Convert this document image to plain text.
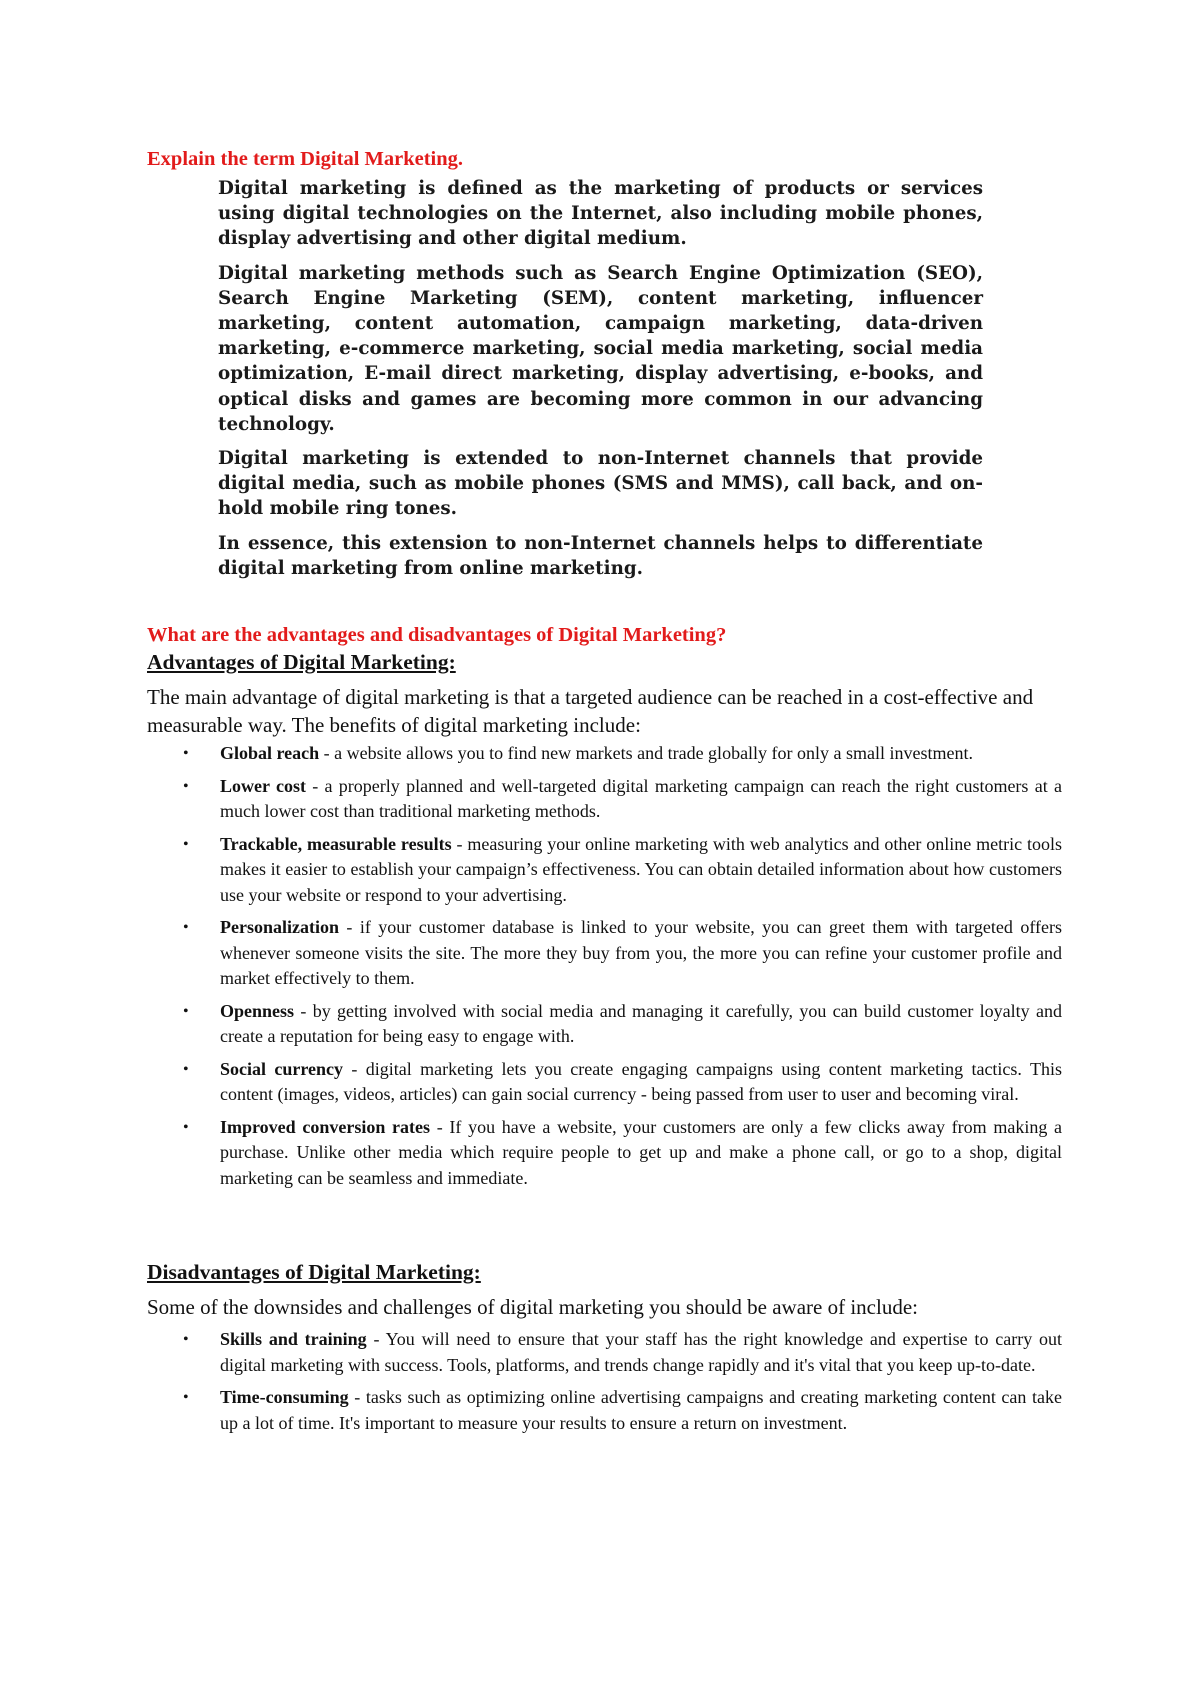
Explain the term Digital Marketing.

Digital marketing is defined as the marketing of products or services using digital technologies on the Internet, also including mobile phones, display advertising and other digital medium.

Digital marketing methods such as Search Engine Optimization (SEO), Search Engine Marketing (SEM), content marketing, influencer marketing, content automation, campaign marketing, data-driven marketing, e-commerce marketing, social media marketing, social media optimization, E-mail direct marketing, display advertising, e-books, and optical disks and games are becoming more common in our advancing technology.

Digital marketing is extended to non-Internet channels that provide digital media, such as mobile phones (SMS and MMS), call back, and on-hold mobile ring tones.

In essence, this extension to non-Internet channels helps to differentiate digital marketing from online marketing.

What are the advantages and disadvantages of Digital Marketing?
Advantages of Digital Marketing:

The main advantage of digital marketing is that a targeted audience can be reached in a cost-effective and measurable way. The benefits of digital marketing include:

• Global reach - a website allows you to find new markets and trade globally for only a small investment.
• Lower cost - a properly planned and well-targeted digital marketing campaign can reach the right customers at a much lower cost than traditional marketing methods.
• Trackable, measurable results - measuring your online marketing with web analytics and other online metric tools makes it easier to establish your campaign’s effectiveness. You can obtain detailed information about how customers use your website or respond to your advertising.
• Personalization - if your customer database is linked to your website, you can greet them with targeted offers whenever someone visits the site. The more they buy from you, the more you can refine your customer profile and market effectively to them.
• Openness - by getting involved with social media and managing it carefully, you can build customer loyalty and create a reputation for being easy to engage with.
• Social currency - digital marketing lets you create engaging campaigns using content marketing tactics. This content (images, videos, articles) can gain social currency - being passed from user to user and becoming viral.
• Improved conversion rates - If you have a website, your customers are only a few clicks away from making a purchase. Unlike other media which require people to get up and make a phone call, or go to a shop, digital marketing can be seamless and immediate.
Disadvantages of Digital Marketing:

Some of the downsides and challenges of digital marketing you should be aware of include:

• Skills and training - You will need to ensure that your staff has the right knowledge and expertise to carry out digital marketing with success. Tools, platforms, and trends change rapidly and it's vital that you keep up-to-date.
• Time-consuming - tasks such as optimizing online advertising campaigns and creating marketing content can take up a lot of time. It's important to measure your results to ensure a return on investment.
